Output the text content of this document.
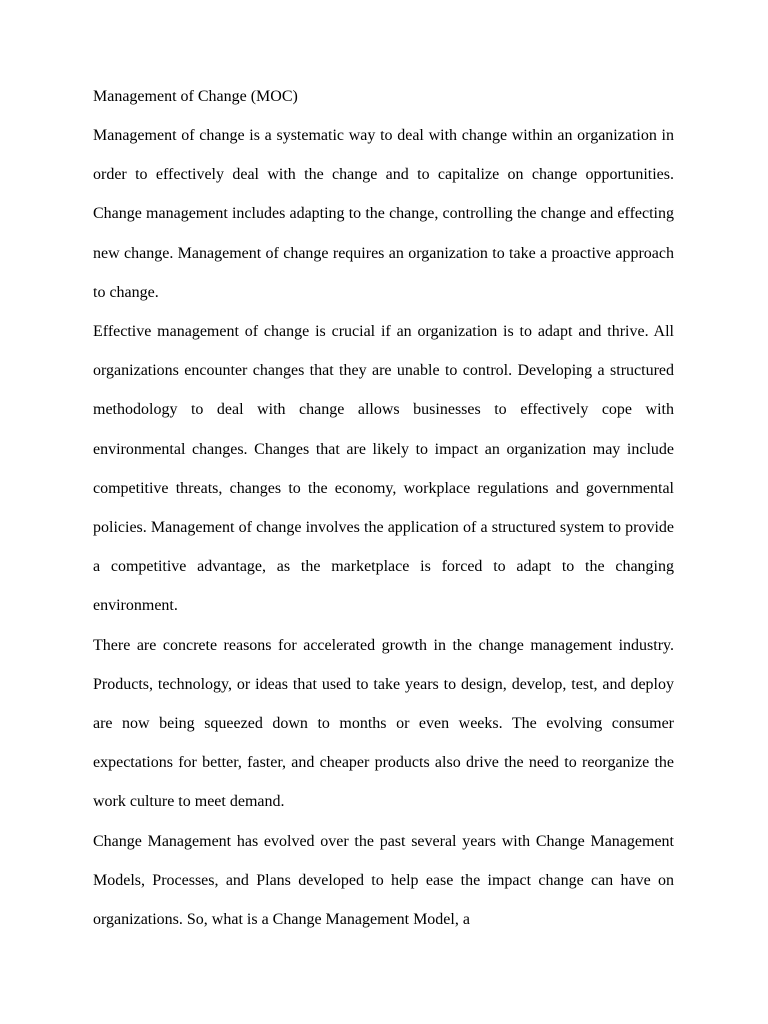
Management of Change (MOC)

Management of change is a systematic way to deal with change within an organization in order to effectively deal with the change and to capitalize on change opportunities. Change management includes adapting to the change, controlling the change and effecting new change. Management of change requires an organization to take a proactive approach to change.

Effective management of change is crucial if an organization is to adapt and thrive. All organizations encounter changes that they are unable to control. Developing a structured methodology to deal with change allows businesses to effectively cope with environmental changes. Changes that are likely to impact an organization may include competitive threats, changes to the economy, workplace regulations and governmental policies. Management of change involves the application of a structured system to provide a competitive advantage, as the marketplace is forced to adapt to the changing environment.

There are concrete reasons for accelerated growth in the change management industry. Products, technology, or ideas that used to take years to design, develop, test, and deploy are now being squeezed down to months or even weeks. The evolving consumer expectations for better, faster, and cheaper products also drive the need to reorganize the work culture to meet demand.

Change Management has evolved over the past several years with Change Management Models, Processes, and Plans developed to help ease the impact change can have on organizations. So, what is a Change Management Model, a
